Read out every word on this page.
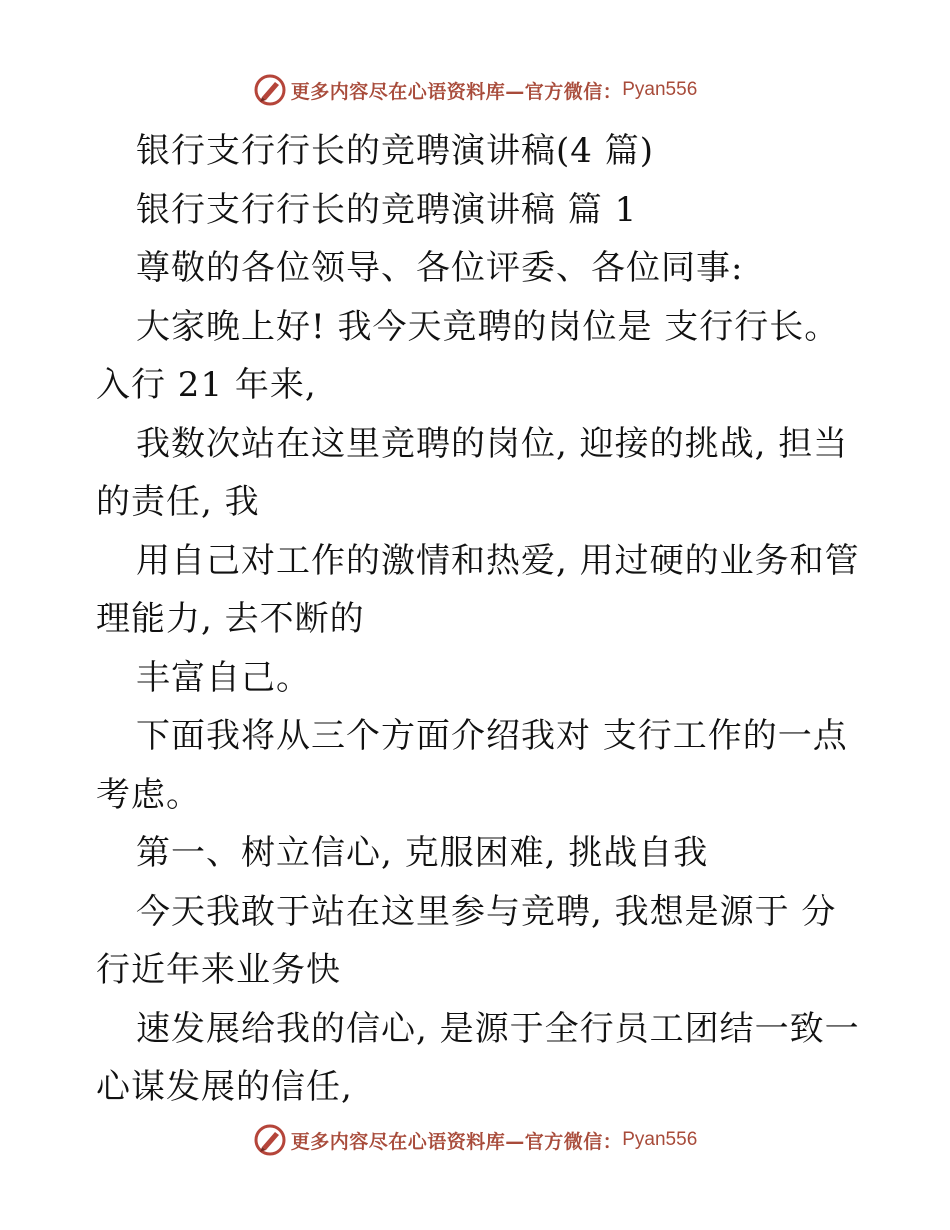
更多内容尽在心语资料库—官方微信： Pyan556
银行支行行长的竞聘演讲稿(4 篇)
银行支行行长的竞聘演讲稿 篇 1
尊敬的各位领导、各位评委、各位同事:
大家晚上好! 我今天竞聘的岗位是 支行行长。
入行 21 年来,
我数次站在这里竞聘的岗位, 迎接的挑战, 担当
的责任, 我
用自己对工作的激情和热爱, 用过硬的业务和管
理能力, 去不断的
丰富自己。
下面我将从三个方面介绍我对 支行工作的一点
考虑。
第一、树立信心, 克服困难, 挑战自我
今天我敢于站在这里参与竞聘, 我想是源于 分
行近年来业务快
速发展给我的信心, 是源于全行员工团结一致一
心谋发展的信任,
更多内容尽在心语资料库—官方微信： Pyan556
